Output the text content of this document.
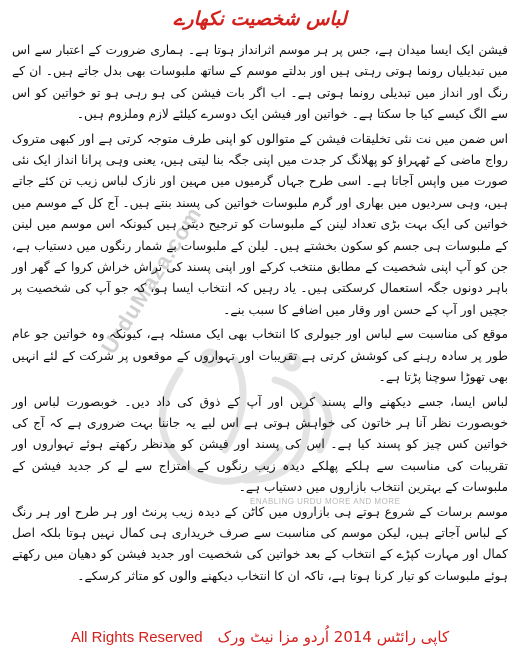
لباس شخصیت نکھارے
UrduMaza.com
ENABLING URDU MORE AND MORE

فیشن ایک ایسا میدان ہے، جس پر ہر موسم اثرانداز ہوتا ہے۔ ہماری ضرورت کے اعتبار سے اس میں تبدیلیاں رونما ہوتی رہتی ہیں اور بدلتے موسم کے ساتھ ملبوسات بھی بدل جاتے ہیں۔ ان کے رنگ اور انداز میں تبدیلی رونما ہوتی ہے۔ اب اگر بات فیشن کی ہو رہی ہو تو خواتین کو اس سے الگ کیسے کیا جا سکتا ہے۔ خواتین اور فیشن ایک دوسرے کیلئے لازم وملزوم ہیں۔

اس ضمن میں نت نئی تخلیقات فیشن کے متوالوں کو اپنی طرف متوجہ کرتی ہے اور کبھی متروک رواج ماضی کے ٹھہراؤ کو پھلانگ کر جدت میں اپنی جگہ بنا لیتی ہیں، یعنی وہی پرانا انداز ایک نئی صورت میں واپس آجاتا ہے۔ اسی طرح جہاں گرمیوں میں مہین اور نازک لباس زیب تن کئے جاتے ہیں، وہی سردیوں میں بھاری اور گرم ملبوسات خواتین کی پسند بنتے ہیں۔ آج کل کے موسم میں خواتین کی ایک بہت بڑی تعداد لینن کے ملبوسات کو ترجیح دیتی ہیں کیونکہ اس موسم میں لینن کے ملبوسات ہی جسم کو سکون بخشتے ہیں۔ لیلن کے ملبوسات بے شمار رنگوں میں دستیاب ہے، جن کو آپ اپنی شخصیت کے مطابق منتخب کرکے اور اپنی پسند کی تراش خراش کروا کے گھر اور باہر دونوں جگہ استعمال کرسکتی ہیں۔ یاد رہیں کہ انتخاب ایسا ہو، کہ جو آپ کی شخصیت پر جچیں اور آپ کے حسن اور وقار میں اضافے کا سبب بنے۔

موقع کی مناسبت سے لباس اور جیولری کا انتخاب بھی ایک مسئلہ ہے، کیونکہ وہ خواتین جو عام طور پر سادہ رہنے کی کوشش کرتی ہے تقریبات اور تہواروں کے موقعوں پر شرکت کے لئے انہیں بھی تھوڑا سوچنا پڑتا ہے۔

لباس ایسا، جسے دیکھنے والے پسند کریں اور آپ کے ذوق کی داد دیں۔ خوبصورت لباس اور خوبصورت نظر آنا ہر خاتون کی خواہش ہوتی ہے اس لیے یہ جاننا بہت ضروری ہے کہ آج کی خواتین کس چیز کو پسند کیا ہے۔ اس کی پسند اور فیشن کو مدنظر رکھتے ہوئے تہواروں اور تقریبات کی مناسبت سے ہلکے پھلکے دیدہ زیب رنگوں کے امتزاج سے لے کر جدید فیشن کے ملبوسات کے بہترین انتخاب بازاروں میں دستیاب ہے۔

موسم برسات کے شروع ہوتے ہی بازاروں میں کاٹن کے دیدہ زیب پرنٹ اور ہر طرح اور ہر رنگ کے لباس آجاتے ہیں، لیکن موسم کی مناسبت سے صرف خریداری ہی کمال نہیں ہوتا بلکہ اصل کمال اور مہارت کپڑے کے انتخاب کے بعد خواتین کی شخصیت اور جدید فیشن کو دھیان میں رکھتے ہوئے ملبوسات کو تیار کرنا ہوتا ہے، تاکہ ان کا انتخاب دیکھنے والوں کو متاثر کرسکے۔

All Rights Reserved کاپی رائٹس 2014 اُردو مزا نیٹ ورک
